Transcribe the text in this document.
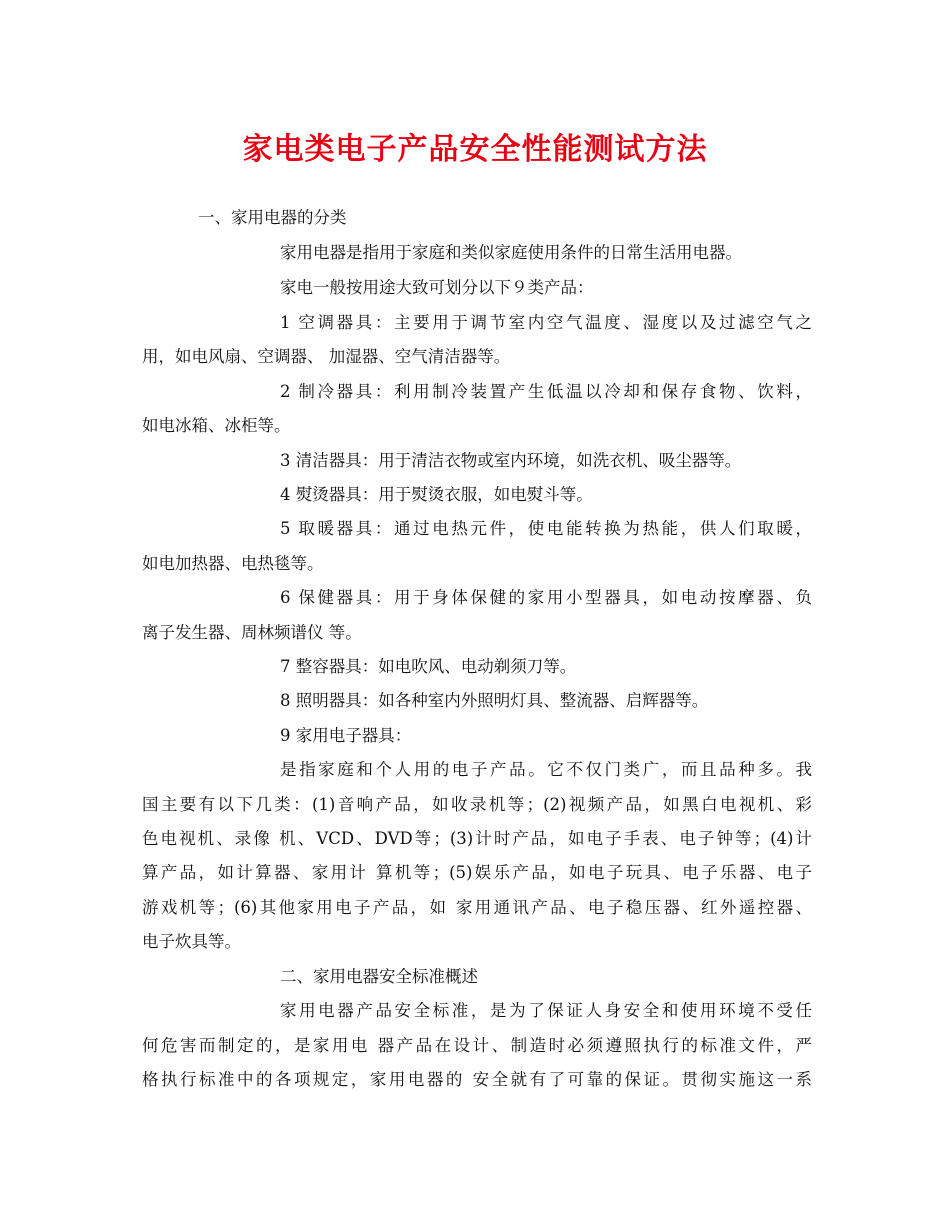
家电类电子产品安全性能测试方法
一、家用电器的分类
家用电器是指用于家庭和类似家庭使用条件的日常生活用电器。
家电一般按用途大致可划分以下９类产品：
1 空调器具：主要用于调节室内空气温度、湿度以及过滤空气之
用，如电风扇、空调器、 加湿器、空气清洁器等。
2 制冷器具：利用制冷装置产生低温以冷却和保存食物、饮料，
如电冰箱、冰柜等。
3 清洁器具：用于清洁衣物或室内环境，如洗衣机、吸尘器等。
4 熨烫器具：用于熨烫衣服，如电熨斗等。
5 取暖器具：通过电热元件，使电能转换为热能，供人们取暖，
如电加热器、电热毯等。
6 保健器具：用于身体保健的家用小型器具，如电动按摩器、负
离子发生器、周林频谱仪 等。
7 整容器具：如电吹风、电动剃须刀等。
8 照明器具：如各种室内外照明灯具、整流器、启辉器等。
9 家用电子器具：
是指家庭和个人用的电子产品。它不仅门类广，而且品种多。我
国主要有以下几类：(1)音响产品，如收录机等；(2)视频产品，如黑白电视机、彩
色电视机、录像 机、VCD、DVD等；(3)计时产品，如电子手表、电子钟等；(4)计
算产品，如计算器、家用计 算机等；(5)娱乐产品，如电子玩具、电子乐器、电子
游戏机等；(6)其他家用电子产品，如 家用通讯产品、电子稳压器、红外遥控器、
电子炊具等。
二、家用电器安全标准概述
家用电器产品安全标准，是为了保证人身安全和使用环境不受任
何危害而制定的，是家用电 器产品在设计、制造时必须遵照执行的标准文件，严
格执行标准中的各项规定，家用电器的 安全就有了可靠的保证。贯彻实施这一系
